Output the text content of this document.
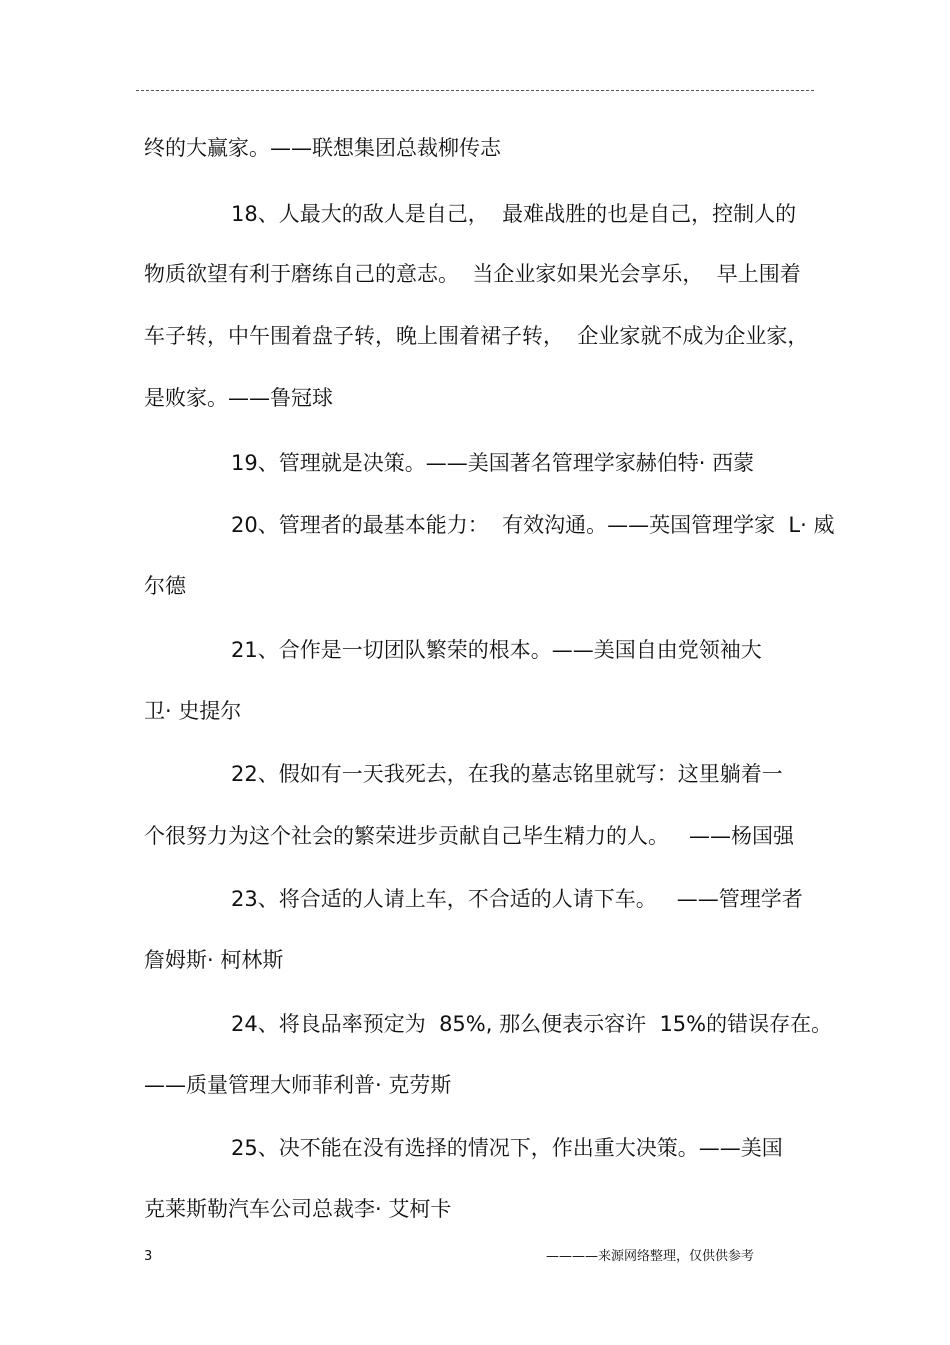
终的大赢家。——联想集团总裁柳传志
18、人最大的敌人是自己，  最难战胜的也是自己，控制人的
物质欲望有利于磨练自己的意志。  当企业家如果光会享乐，  早上围着
车子转，中午围着盘子转，晚上围着裙子转，  企业家就不成为企业家，
是败家。——鲁冠球
19、管理就是决策。——美国著名管理学家赫伯特· 西蒙
20、管理者的最基本能力：  有效沟通。——英国管理学家  L· 威
尔德
21、合作是一切团队繁荣的根本。——美国自由党领袖大
卫· 史提尔
22、假如有一天我死去，在我的墓志铭里就写：这里躺着一
个很努力为这个社会的繁荣进步贡献自己毕生精力的人。   ——杨国强
23、将合适的人请上车，不合适的人请下车。   ——管理学者
詹姆斯· 柯林斯
24、将良品率预定为  85%, 那么便表示容许  15%的错误存在。
——质量管理大师菲利普· 克劳斯
25、决不能在没有选择的情况下，作出重大决策。——美国
克莱斯勒汽车公司总裁李· 艾柯卡
3	————来源网络整理，仅供供参考
